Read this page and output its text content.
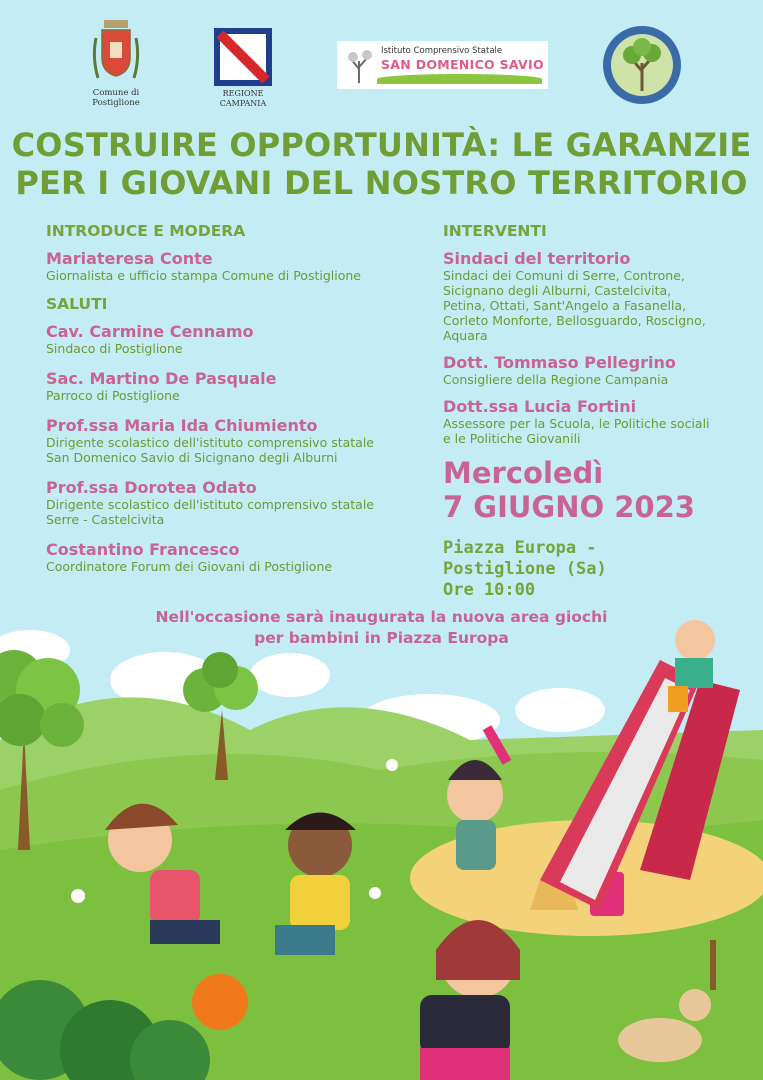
Comune di
Postiglione
REGIONE CAMPANIA
Istituto Comprensivo Statale
SAN DOMENICO SAVIO
COSTRUIRE OPPORTUNITÀ: LE GARANZIE
PER I GIOVANI DEL NOSTRO TERRITORIO
INTRODUCE E MODERA
Mariateresa Conte
Giornalista e ufficio stampa Comune di Postiglione
SALUTI
Cav. Carmine Cennamo
Sindaco di Postiglione
Sac. Martino De Pasquale
Parroco di Postiglione
Prof.ssa Maria Ida Chiumiento
Dirigente scolastico dell'istituto comprensivo statale
San Domenico Savio di Sicignano degli Alburni
Prof.ssa Dorotea Odato
Dirigente scolastico dell'istituto comprensivo statale
Serre - Castelcivita
Costantino Francesco
Coordinatore Forum dei Giovani di Postiglione
INTERVENTI
Sindaci del territorio
Sindaci dei Comuni di Serre, Controne,
Sicignano degli Alburni, Castelcivita,
Petina, Ottati, Sant'Angelo a Fasanella,
Corleto Monforte, Bellosguardo, Roscigno,
Aquara
Dott. Tommaso Pellegrino
Consigliere della Regione Campania
Dott.ssa Lucia Fortini
Assessore per la Scuola, le Politiche sociali
e le Politiche Giovanili
Mercoledì
7 GIUGNO 2023
Piazza Europa -
Postiglione (Sa)
Ore 10:00
Nell'occasione sarà inaugurata la nuova area giochi
per bambini in Piazza Europa
